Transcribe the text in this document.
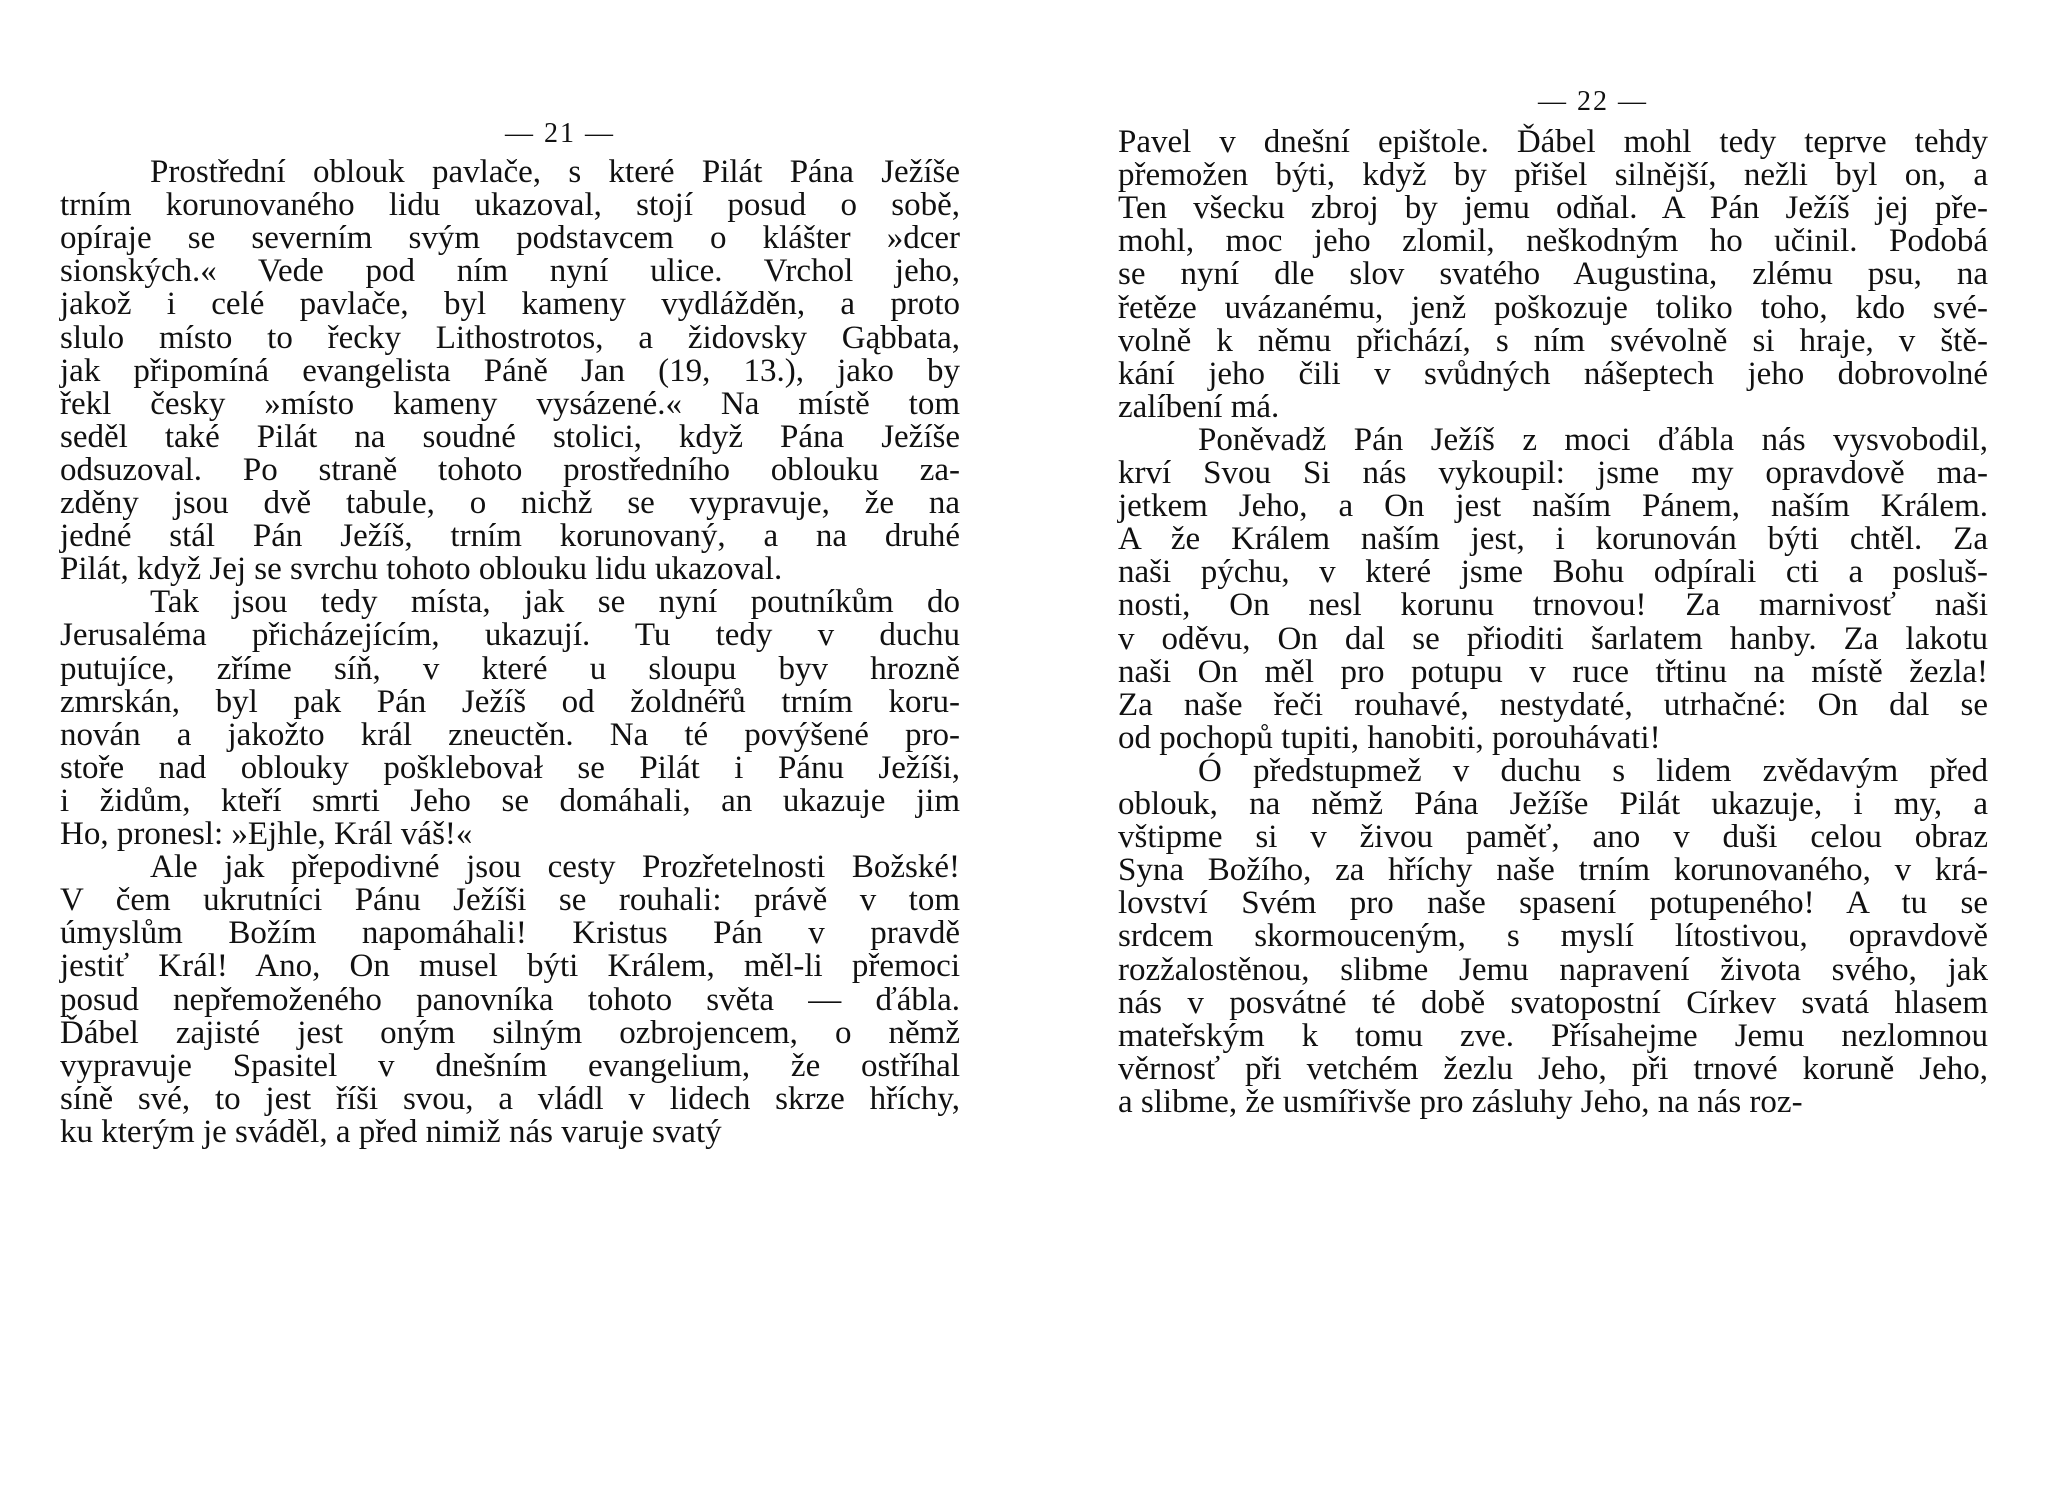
— 21 —
Prostřední oblouk pavlače, s které Pilát Pána Ježíše
trním korunovaného lidu ukazoval, stojí posud o sobě,
opíraje se severním svým podstavcem o klášter »dcer
sionských.« Vede pod ním nyní ulice. Vrchol jeho,
jakož i celé pavlače, byl kameny vydlážděn, a proto
slulo místo to řecky Lithostrotos, a židovsky Gąbbata,
jak připomíná evangelista Páně Jan (19, 13.), jako by
řekl česky »místo kameny vysázené.« Na místě tom
seděl také Pilát na soudné stolici, když Pána Ježíše
odsuzoval. Po straně tohoto prostředního oblouku za-
zděny jsou dvě tabule, o nichž se vypravuje, že na
jedné stál Pán Ježíš, trním korunovaný, a na druhé
Pilát, když Jej se svrchu tohoto oblouku lidu ukazoval.
Tak jsou tedy místa, jak se nyní poutníkům do
Jerusaléma přicházejícím, ukazují. Tu tedy v duchu
putujíce, zříme síň, v které u sloupu byv hrozně
zmrskán, byl pak Pán Ježíš od žoldnéřů trním koru-
nován a jakožto král zneuctěn. Na té povýšené pro-
stoře nad oblouky pošklebovał se Pilát i Pánu Ježíši,
i židům, kteří smrti Jeho se domáhali, an ukazuje jim
Ho, pronesl: »Ejhle, Král váš!«
Ale jak přepodivné jsou cesty Prozřetelnosti Božské!
V čem ukrutníci Pánu Ježíši se rouhali: právě v tom
úmyslům Božím napomáhali! Kristus Pán v pravdě
jestiť Král! Ano, On musel býti Králem, měl-li přemoci
posud nepřemoženého panovníka tohoto světa — ďábla.
Ďábel zajisté jest oným silným ozbrojencem, o němž
vypravuje Spasitel v dnešním evangelium, že ostříhal
síně své, to jest říši svou, a vládl v lidech skrze hříchy,
ku kterým je sváděl, a před nimiž nás varuje svatý
— 22 —
Pavel v dnešní epištole. Ďábel mohl tedy teprve tehdy
přemožen býti, když by přišel silnější, nežli byl on, a
Ten všecku zbroj by jemu odňal. A Pán Ježíš jej pře-
mohl, moc jeho zlomil, neškodným ho učinil. Podobá
se nyní dle slov svatého Augustina, zlému psu, na
řetěze uvázanému, jenž poškozuje toliko toho, kdo své-
volně k němu přichází, s ním svévolně si hraje, v ště-
kání jeho čili v svůdných nášeptech jeho dobrovolné
zalíbení má.
Poněvadž Pán Ježíš z moci ďábla nás vysvobodil,
krví Svou Si nás vykoupil: jsme my opravdově ma-
jetkem Jeho, a On jest naším Pánem, naším Králem.
A že Králem naším jest, i korunován býti chtěl. Za
naši pýchu, v které jsme Bohu odpírali cti a posluš-
nosti, On nesl korunu trnovou! Za marnivosť naši
v oděvu, On dal se přioditi šarlatem hanby. Za lakotu
naši On měl pro potupu v ruce třtinu na místě žezla!
Za naše řeči rouhavé, nestydaté, utrhačné: On dal se
od pochopů tupiti, hanobiti, porouhávati!
Ó předstupmež v duchu s lidem zvědavým před
oblouk, na němž Pána Ježíše Pilát ukazuje, i my, a
vštipme si v živou paměť, ano v duši celou obraz
Syna Božího, za hříchy naše trním korunovaného, v krá-
lovství Svém pro naše spasení potupeného! A tu se
srdcem skormouceným, s myslí lítostivou, opravdově
rozžalostěnou, slibme Jemu napravení života svého, jak
nás v posvátné té době svatopostní Církev svatá hlasem
mateřským k tomu zve. Přísahejme Jemu nezlomnou
věrnosť při vetchém žezlu Jeho, při trnové koruně Jeho,
a slibme, že usmířivše pro zásluhy Jeho, na nás roz-
